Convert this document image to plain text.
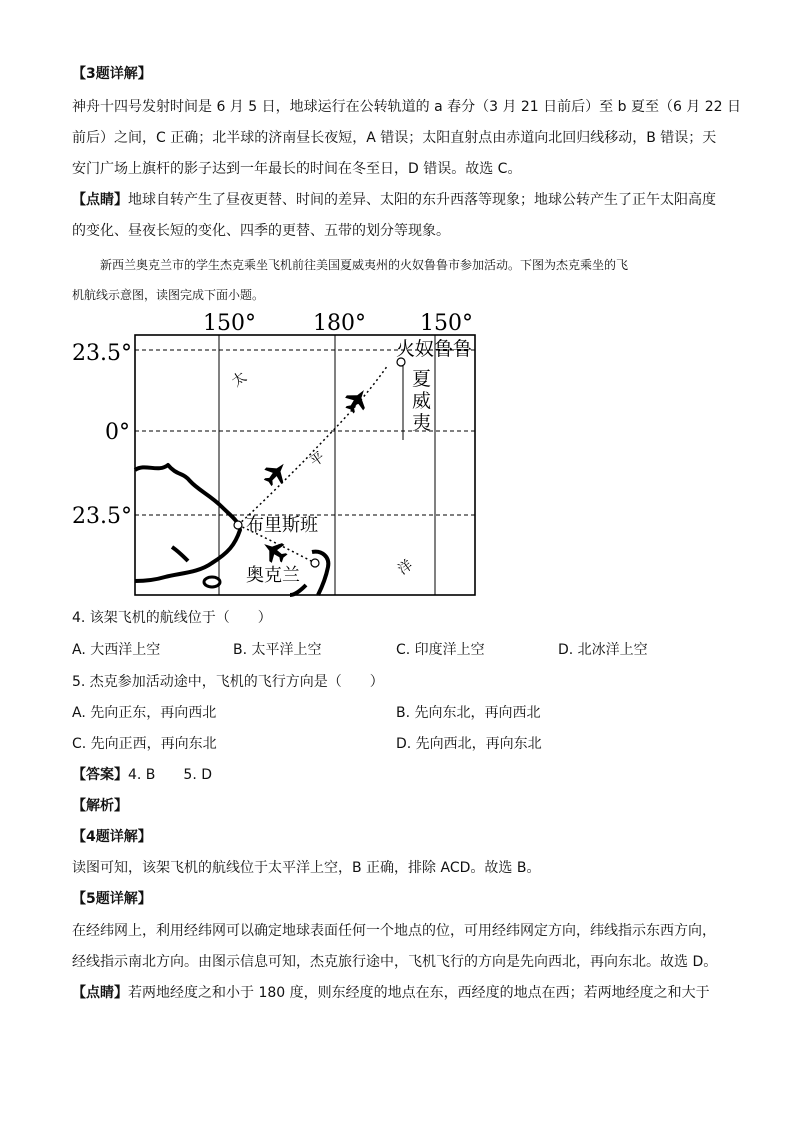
【3题详解】
神舟十四号发射时间是 6 月 5 日，地球运行在公转轨道的 a 春分（3 月 21 日前后）至 b 夏至（6 月 22 日
前后）之间，C 正确；北半球的济南昼长夜短，A 错误；太阳直射点由赤道向北回归线移动，B 错误；天
安门广场上旗杆的影子达到一年最长的时间在冬至日，D 错误。故选 C。
【点睛】地球自转产生了昼夜更替、时间的差异、太阳的东升西落等现象；地球公转产生了正午太阳高度
的变化、昼夜长短的变化、四季的更替、五带的划分等现象。
新西兰奥克兰市的学生杰克乘坐飞机前往美国夏威夷州的火奴鲁鲁市参加活动。下图为杰克乘坐的飞
机航线示意图，读图完成下面小题。
150°	180° 150°
23.5°
0°
23.5°
火奴鲁鲁
夏
威
夷
布里斯班
奥克兰
太
平
洋
4. 该架飞机的航线位于（　　）
A. 大西洋上空	B. 太平洋上空	C. 印度洋上空	D. 北冰洋上空
5. 杰克参加活动途中，飞机的飞行方向是（　　）
A. 先向正东，再向西北	B. 先向东北，再向西北
C. 先向正西，再向东北	D. 先向西北，再向东北
【答案】4. B　　5. D
【解析】
【4题详解】
读图可知，该架飞机的航线位于太平洋上空，B 正确，排除 ACD。故选 B。
【5题详解】
在经纬网上，利用经纬网可以确定地球表面任何一个地点的位，可用经纬网定方向，纬线指示东西方向，
经线指示南北方向。由图示信息可知，杰克旅行途中，飞机飞行的方向是先向西北，再向东北。故选 D。
【点睛】若两地经度之和小于 180 度，则东经度的地点在东，西经度的地点在西；若两地经度之和大于
